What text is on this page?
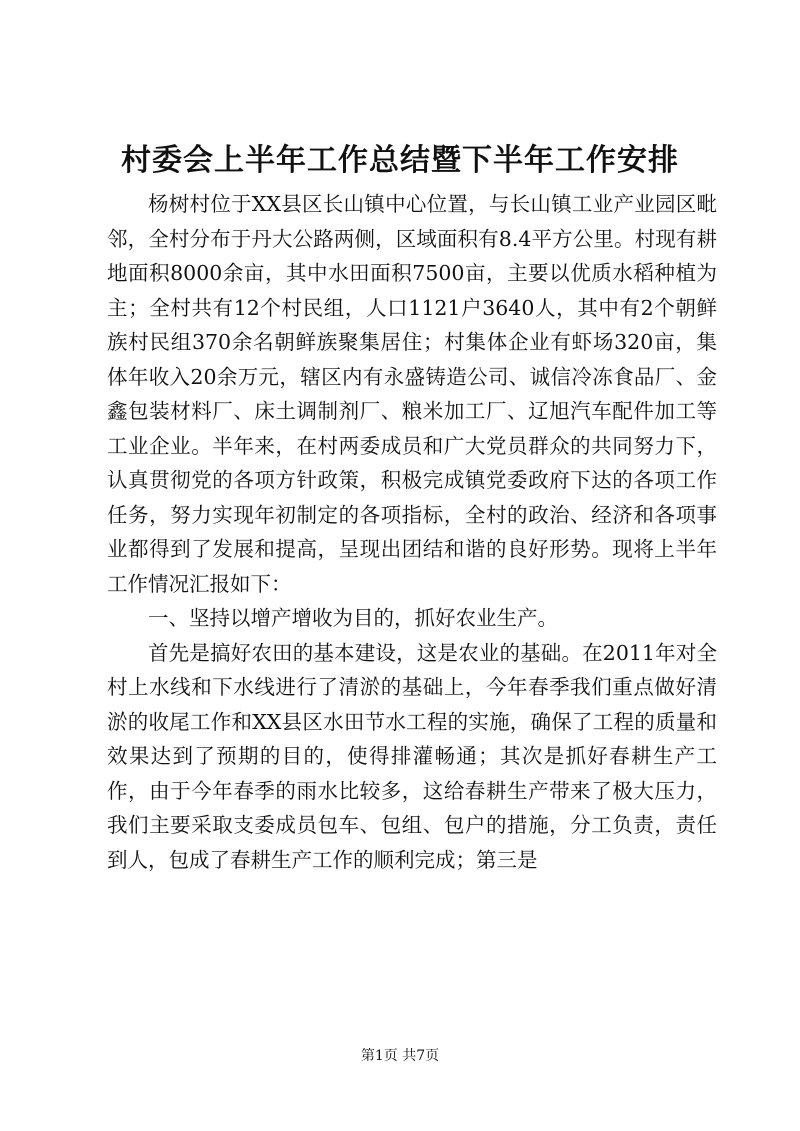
村委会上半年工作总结暨下半年工作安排

杨树村位于XX县区长山镇中心位置，与长山镇工业产业园区毗邻，全村分布于丹大公路两侧，区域面积有8.4平方公里。村现有耕地面积8000余亩，其中水田面积7500亩，主要以优质水稻种植为主；全村共有12个村民组，人口1121户3640人，其中有2个朝鲜族村民组370余名朝鲜族聚集居住；村集体企业有虾场320亩，集体年收入20余万元，辖区内有永盛铸造公司、诚信冷冻食品厂、金鑫包装材料厂、床土调制剂厂、粮米加工厂、辽旭汽车配件加工等工业企业。半年来，在村两委成员和广大党员群众的共同努力下，认真贯彻党的各项方针政策，积极完成镇党委政府下达的各项工作任务，努力实现年初制定的各项指标，全村的政治、经济和各项事业都得到了发展和提高，呈现出团结和谐的良好形势。现将上半年工作情况汇报如下：

一、坚持以增产增收为目的，抓好农业生产。

首先是搞好农田的基本建设，这是农业的基础。在2011年对全村上水线和下水线进行了清淤的基础上，今年春季我们重点做好清淤的收尾工作和XX县区水田节水工程的实施，确保了工程的质量和效果达到了预期的目的，使得排灌畅通；其次是抓好春耕生产工作，由于今年春季的雨水比较多，这给春耕生产带来了极大压力，我们主要采取支委成员包车、包组、包户的措施，分工负责，责任到人，包成了春耕生产工作的顺利完成；第三是

第1页 共7页
